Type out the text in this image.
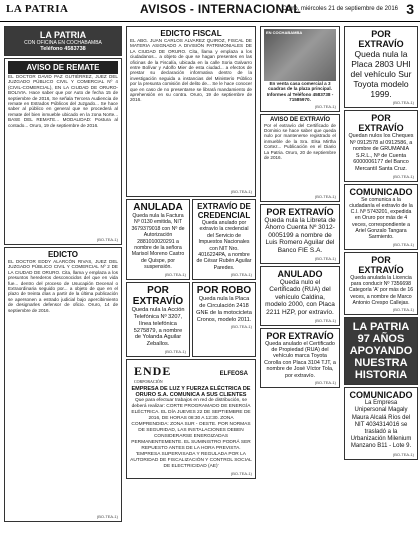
LA PATRIA	AVISOS - INTERNACIONAL
Oruro, miércoles 21 de septiembre de 2016 3
LA PATRIA
CON OFICINA EN COCHABAMBA
Teléfono 4583738
AVISO DE REMATE
EL DOCTOR DAVID PAZ GUTIÉRREZ, JUEZ DEL JUZGADO PÚBLICO CIVIL Y COMERCIAL Nº 4 (CIVIL-COMERCIAL), EN LA CIUDAD DE ORURO-BOLIVIA. Hace saber que por Auto de fecha 15 de septiembre de 2016, Se señala Tercera Audiencia de remate en Estrados Públicos del Juzgado... Se hace saber al público en general que se procederá al remate del bien inmueble ubicado en la zona Norte... BASE DEL REMATE... MODALIDAD: Postura al contado... Oruro, 19 de septiembre de 2016.
(BO-TEA-1)
EDICTO
EL DOCTOR EDDY ALARCÓN RIVAS, JUEZ DEL JUZGADO PÚBLICO CIVIL Y COMERCIAL Nº 2 DE LA CIUDAD DE ORURO. Cita, llama y emplaza a los presuntos herederos desconocidos del que en vida fue... dentro del proceso de Usucapión Decenal o Extraordinaria seguido por... a objeto de que en el plazo de treinta días a partir de la última publicación se apersonen a estrado judicial bajo apercibimiento de designarles defensor de oficio. Oruro, 14 de septiembre de 2016.
(BO-TEA-1)
EDICTO FISCAL
EL ABG. JUAN CARLOS ALVAREZ QUIROZ, FISCAL DE MATERIA ASIGNADO A DIVISIÓN PATRIMONIALES DE LA CIUDAD DE ORURO. Cita, llama y emplaza a los ciudadanos... a objeto de que se hagan presentes en las oficinas de la Fiscalía, ubicada en la calle Soria Galvarro entre Bolívar y Adolfo Mier de esta ciudad... a efectos de prestar su declaración informativa dentro de la investigación seguida a instancias del Ministerio Público por la presunta comisión del delito de... Se le hace conocer que en caso de no presentarse se librará mandamiento de aprehensión en su contra. Oruro, 19 de septiembre de 2016.
(BO-TEA-1)
ANULADA
Queda nula la Factura Nº 0130 emitida, NIT 3679379018 con Nº de Autorización 2881010020291 a nombre de la señora Marisol Moreno Castro de Quispe, por suspensión.
(BO-TEA-1)
EXTRAVÍO DE CREDENCIAL
Queda anulado por extravío la credencial del Servicio de Impuestos Nacionales con NIT Nro. 4016224PA, a nombre de César Rubén Aguilar Paredes.
(BO-TEA-1)
POR EXTRAVÍO
Queda nula la Acción Telefónica Nº 3207, línea telefónica 5275879, a nombre de Yolanda Aguilar Zeballos.
(BO-TEA-1)
POR ROBO
Queda nula la Placa de Circulación 2418 GNE de la motocicleta Cronos, modelo 2011.
(BO-TEA-1)
ENDE
CORPORACIÓN
ELFEOSA
EMPRESA DE LUZ Y FUERZA ELÉCTRICA DE ORURO S.A. COMUNICA A SUS CLIENTES
Que para efectuar trabajos en red de distribución, se deberá realizar: CORTE PROGRAMADO DE ENERGÍA ELÉCTRICA. EL DÍA JUEVES 22 DE SEPTIEMBRE DE 2016, DE HORAS 08:30 A 12:30. ZONA COMPRENDIDA: ZONA SUR - OESTE. POR NORMAS DE SEGURIDAD, LAS INSTALACIONES DEBEN CONSIDERARSE ENERGIZADAS PERMANENTEMENTE. EL SUMINISTRO PODRÁ SER REPUESTO ANTES DE LA HORA PREVISTA. 'EMPRESA SUPERVISADA Y REGULADA POR LA AUTORIDAD DE FISCALIZACIÓN Y CONTROL SOCIAL DE ELECTRICIDAD (AE)'
(BO-TEA-1)
EN COCHABAMBA
En venta casa comercial a 3 cuadras de la plaza principal. Informes al Teléfono 4583738 - 71585970.
(BO-TEA-1)
AVISO DE EXTRAVÍO
Por el extravío del Certificado de Dominio se hace saber que queda nulo por mantenerse registrado el inmueble de la Sra. Elsa Mirtha Cortez... Publicación en el Diario La Patria. Oruro, 20 de septiembre de 2016.
(BO-TEA-1)
POR EXTRAVÍO
Queda nula la Libreta de Ahorro Cuenta Nº 3012-0005199 a nombre de Luis Romero Aguilar del Banco FIE S.A.
(BO-TEA-1)
ANULADO
Queda nulo el Certificado (RUA) del vehículo Caldina, modelo 2000, con Placa 2211 HZP, por extravío.
(BO-TEA-1)
POR EXTRAVÍO
Queda anulado el Certificado de Propiedad (RUA) del vehículo marca Toyota Corolla con Placa 3104 TJT, a nombre de José Víctor Tola, por extravío.
(BO-TEA-1)
POR EXTRAVÍO
Queda nula la Placa 2803 UHI del vehículo Sur Toyota modelo 1999.
(BO-TEA-1)
POR EXTRAVÍO
Quedan nulos los Cheques Nº 0912578 al 0912586, a nombre de GRUMANIA S.R.L., Nº de Cuenta 6000006177 del Banco Mercantil Santa Cruz.
(BO-TEA-1)
COMUNICADO
Se comunica a la ciudadanía el extravío de la C.I. Nº 5743201, expedida en Oruro por más de 4 veces, correspondiente a Ariel Gonzalo Tangara Sarmiento.
(BO-TEA-1)
POR EXTRAVÍO
Queda anulada la Licencia para conducir Nº 7356698 Categoría 'A' por más de 16 veces, a nombre de Marco Antonio Crespo Callejas.
(BO-TEA-1)
LA PATRIA
97 AÑOS
APOYANDO
NUESTRA
HISTORIA
COMUNICADO
La Empresa Unipersonal Magaly Maura Alcalá Ríos del NIT 4034314016 se trasladó a la Urbanización Milenium Manzano B11 - Lote 9.
(BO-TEA-1)
